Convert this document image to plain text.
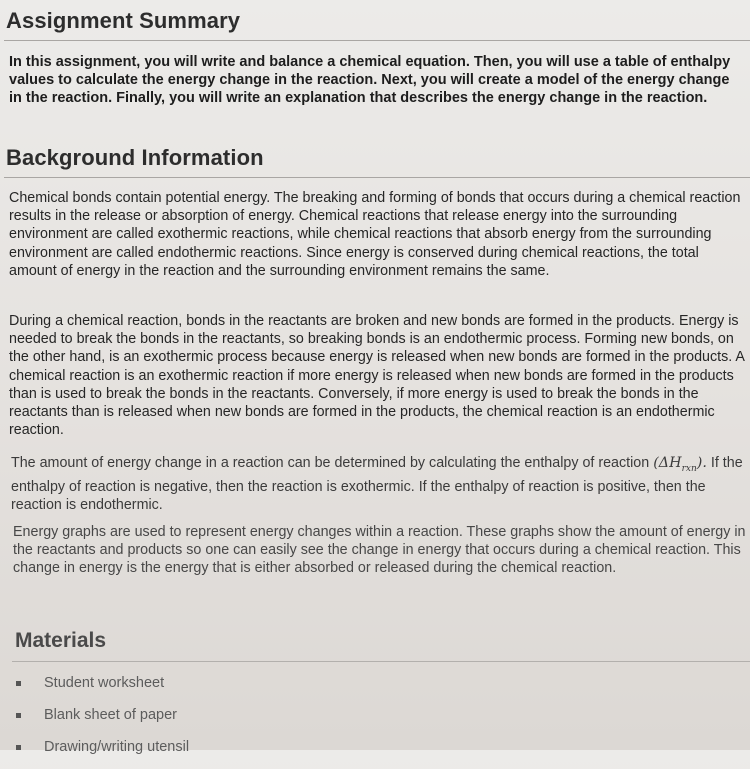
Assignment Summary

In this assignment, you will write and balance a chemical equation. Then, you will use a table of enthalpy values to calculate the energy change in the reaction. Next, you will create a model of the energy change in the reaction. Finally, you will write an explanation that describes the energy change in the reaction.

Background Information

Chemical bonds contain potential energy. The breaking and forming of bonds that occurs during a chemical reaction results in the release or absorption of energy. Chemical reactions that release energy into the surrounding environment are called exothermic reactions, while chemical reactions that absorb energy from the surrounding environment are called endothermic reactions. Since energy is conserved during chemical reactions, the total amount of energy in the reaction and the surrounding environment remains the same.

During a chemical reaction, bonds in the reactants are broken and new bonds are formed in the products. Energy is needed to break the bonds in the reactants, so breaking bonds is an endothermic process. Forming new bonds, on the other hand, is an exothermic process because energy is released when new bonds are formed in the products. A chemical reaction is an exothermic reaction if more energy is released when new bonds are formed in the products than is used to break the bonds in the reactants. Conversely, if more energy is used to break the bonds in the reactants than is released when new bonds are formed in the products, the chemical reaction is an endothermic reaction.

The amount of energy change in a reaction can be determined by calculating the enthalpy of reaction $(\Delta H_{rxn})$. If the enthalpy of reaction is negative, then the reaction is exothermic. If the enthalpy of reaction is positive, then the reaction is endothermic.

Energy graphs are used to represent energy changes within a reaction. These graphs show the amount of energy in the reactants and products so one can easily see the change in energy that occurs during a chemical reaction. This change in energy is the energy that is either absorbed or released during the chemical reaction.

Materials
Student worksheet
Blank sheet of paper
Drawing/writing utensil
